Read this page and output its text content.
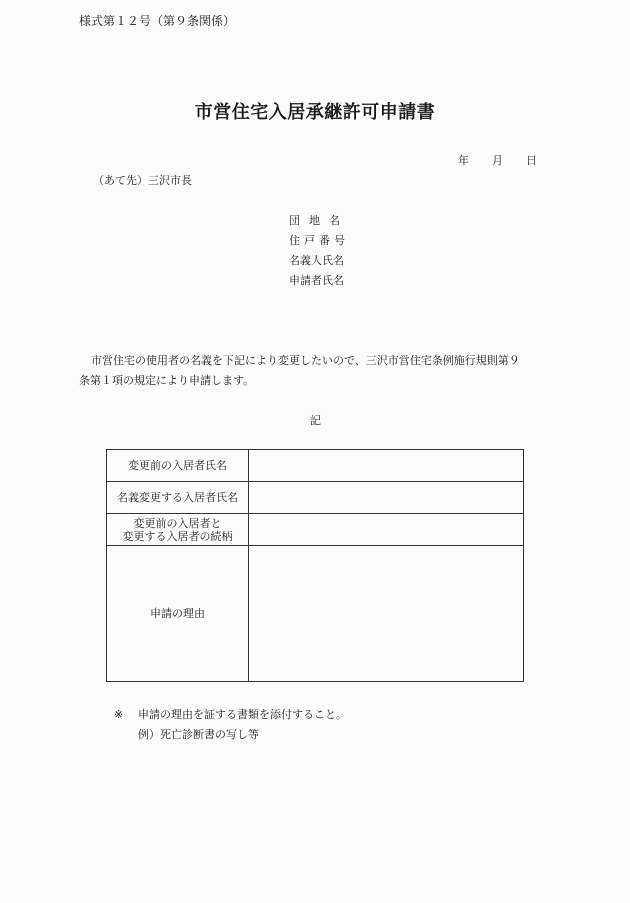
様式第１２号（第９条関係）
市営住宅入居承継許可申請書
年 月 日
（あて先）三沢市長
団地名
住戸番号
名義人氏名
申請者氏名
市営住宅の使用者の名義を下記により変更したいので、三沢市営住宅条例施行規則第９
条第１項の規定により申請します。
記
変更前の入居者氏名	
名義変更する入居者氏名	

変更前の入居者と
変更する入居者の続柄	

申請の理由	
※ 申請の理由を証する書類を添付すること。
例）死亡診断書の写し等
